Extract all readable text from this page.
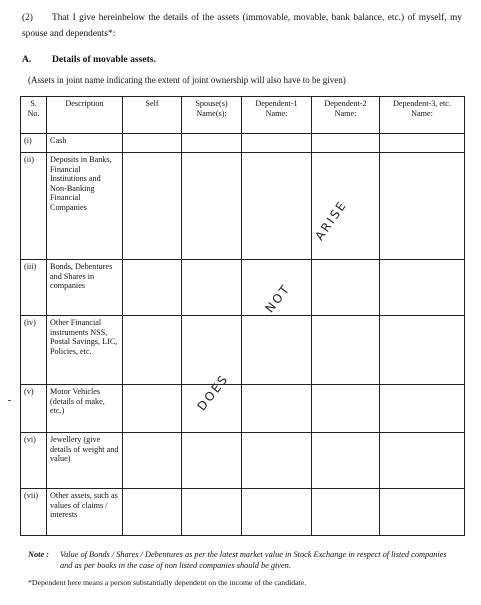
(2) That I give hereinbelow the details of the assets (immovable, movable, bank balance, etc.) of myself, my spouse and dependents*:
A. Details of movable assets.
(Assets in joint name indicating the extent of joint ownership will also have to be given)
S. No.	Description	Self	Spouse(s) Name(s):	Dependent-1 Name:	Dependent-2 Name:	Dependent-3, etc. Name:
(i)	Cash					
(ii)	Deposits in Banks, Financial Institutions and Non-Banking Financial Companies					
(iii)	Bonds, Debentures and Shares in companies					
(iv)	Other Financial instruments NSS, Postal Savings, LIC, Policies, etc.					
(v)	Motor Vehicles (details of make, etc.)					
(vi)	Jewellery (give details of weight and value)					
(vii)	Other assets, such as values of claims / interests					
DOES
NOT
ARISE
Note : Value of Bonds / Shares / Debentures as per the latest market value in Stock Exchange in respect of listed companies and as per books in the case of non listed companies should be given.
*Dependent here means a person substantially dependent on the income of the candidate.
